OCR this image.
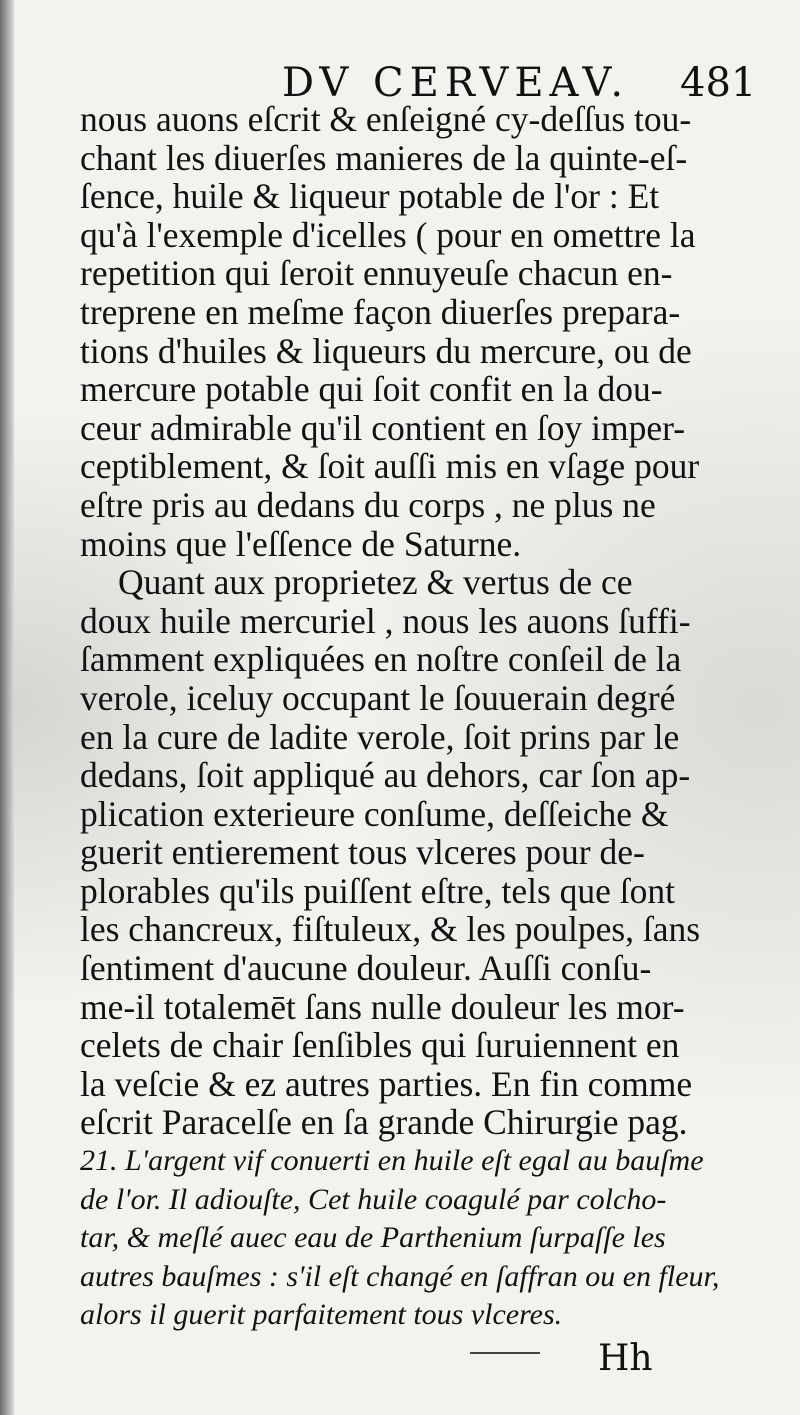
DV CERVEAV. 481
nous auons eſcrit & enſeigné cy-deſſus tou-
chant les diuerſes manieres de la quinte-eſ-
ſence, huile & liqueur potable de l'or : Et
qu'à l'exemple d'icelles ( pour en omettre la
repetition qui ſeroit ennuyeuſe chacun en-
treprene en meſme façon diuerſes prepara-
tions d'huiles & liqueurs du mercure, ou de
mercure potable qui ſoit confit en la dou-
ceur admirable qu'il contient en ſoy imper-
ceptiblement, & ſoit auſſi mis en vſage pour
eſtre pris au dedans du corps , ne plus ne
moins que l'eſſence de Saturne.
Quant aux proprietez & vertus de ce
doux huile mercuriel , nous les auons ſuffi-
ſamment expliquées en noſtre conſeil de la
verole, iceluy occupant le ſouuerain degré
en la cure de ladite verole, ſoit prins par le
dedans, ſoit appliqué au dehors, car ſon ap-
plication exterieure conſume, deſſeiche &
guerit entierement tous vlceres pour de-
plorables qu'ils puiſſent eſtre, tels que ſont
les chancreux, fiſtuleux, & les poulpes, ſans
ſentiment d'aucune douleur. Auſſi conſu-
me-il totalemēt ſans nulle douleur les mor-
celets de chair ſenſibles qui ſuruiennent en
la veſcie & ez autres parties. En fin comme
eſcrit Paracelſe en ſa grande Chirurgie pag.
21. L'argent vif conuerti en huile eſt egal au bauſme
de l'or. Il adiouſte, Cet huile coagulé par colcho-
tar, & meſlé auec eau de Parthenium ſurpaſſe les
autres bauſmes : s'il eſt changé en ſaffran ou en fleur,
alors il guerit parfaitement tous vlceres.
Hh
